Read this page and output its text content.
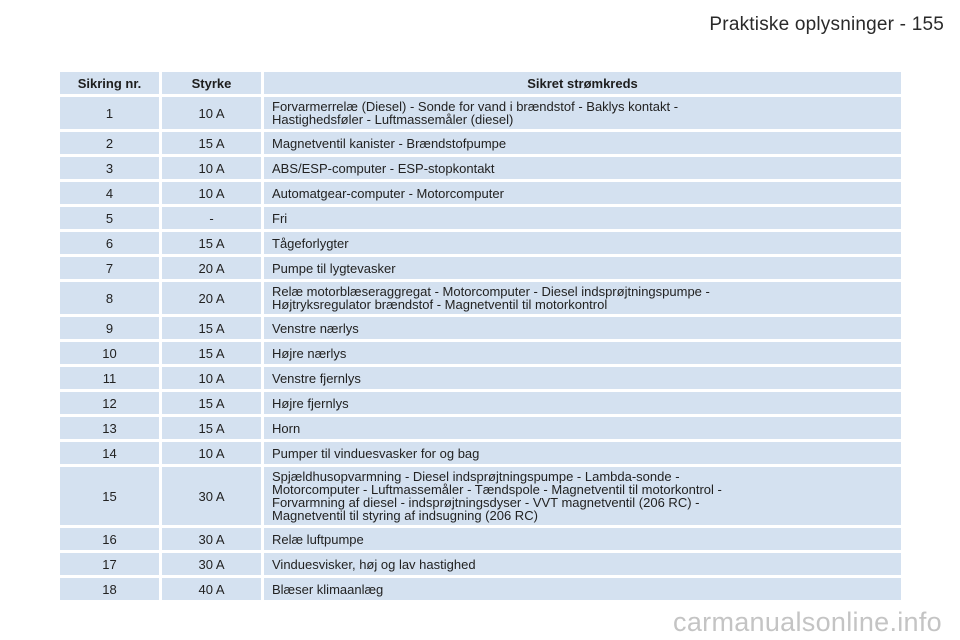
Praktiske oplysninger - 155
Sikring nr.	Styrke	Sikret strømkreds
1	10 A	Forvarmerrelæ (Diesel) - Sonde for vand i brændstof - Baklys kontakt -
Hastighedsføler - Luftmassemåler (diesel)

2	15 A	Magnetventil kanister - Brændstofpumpe

3	10 A	ABS/ESP-computer - ESP-stopkontakt

4	10 A	Automatgear-computer - Motorcomputer

5	-	Fri

6	15 A	Tågeforlygter

7	20 A	Pumpe til lygtevasker

8	20 A	Relæ motorblæseraggregat - Motorcomputer - Diesel indsprøjtningspumpe -
Højtryksregulator brændstof - Magnetventil til motorkontrol

9	15 A	Venstre nærlys

10	15 A	Højre nærlys

11	10 A	Venstre fjernlys

12	15 A	Højre fjernlys

13	15 A	Horn

14	10 A	Pumper til vinduesvasker for og bag

15	30 A	Spjældhusopvarmning - Diesel indsprøjtningspumpe - Lambda-sonde -
Motorcomputer - Luftmassemåler - Tændspole - Magnetventil til motorkontrol -
Forvarmning af diesel - indsprøjtningsdyser - VVT magnetventil (206 RC) -
Magnetventil til styring af indsugning (206 RC)

16	30 A	Relæ luftpumpe

17	30 A	Vinduesvisker, høj og lav hastighed

18	40 A	Blæser klimaanlæg
carmanualsonline.info
